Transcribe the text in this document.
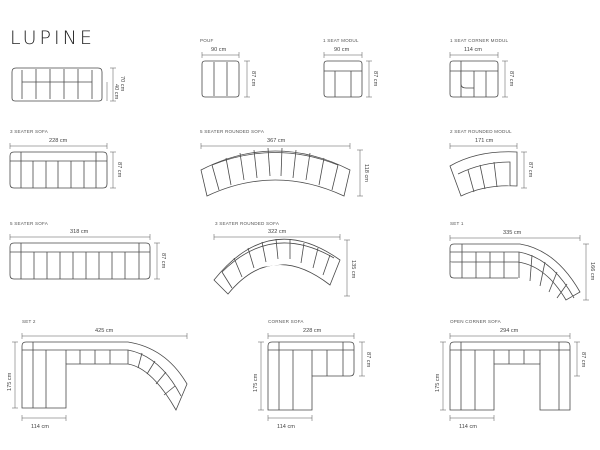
LUPINE	POUF	1 SEAT MODUL	1 SEAT CORNER MODUL
3 SEATER SOFA	5 SEATER ROUNDED SOFA	2 SEAT ROUNDED MODUL
5 SEATER SOFA	3 SEATER ROUNDED SOFA	SET 1
SET 2	CORNER SOFA	OPEN CORNER SOFA
70 cm
40 cm
90 cm
87 cm
90 cm
87 cm
114 cm
87 cm
228 cm
87 cm
367 cm
118 cm
171 cm
87 cm
318 cm
87 cm
322 cm
135 cm
335 cm
166 cm
425 cm
175 cm
114 cm
228 cm
175 cm
87 cm
114 cm
294 cm
175 cm
87 cm
114 cm
